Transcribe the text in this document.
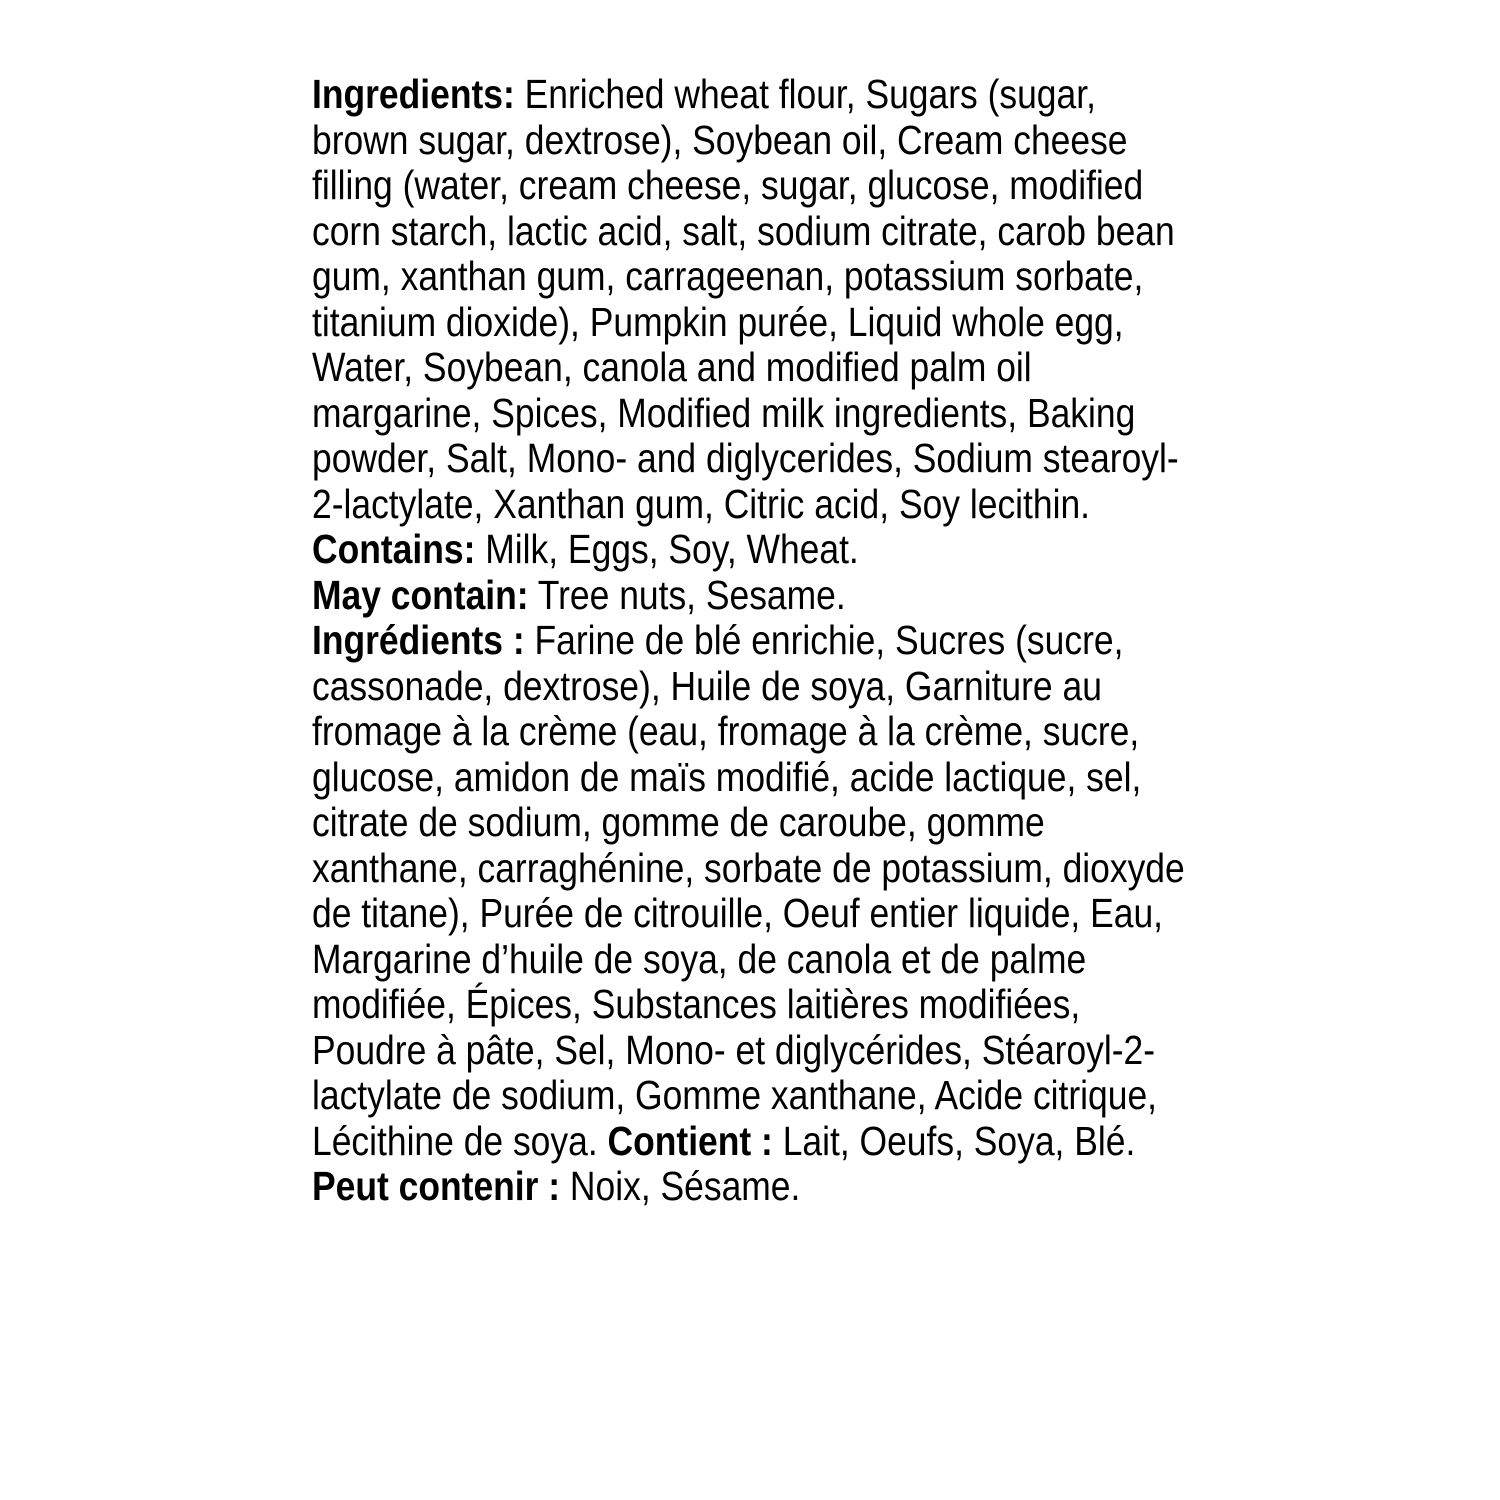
Ingredients: Enriched wheat flour, Sugars (sugar, brown sugar, dextrose), Soybean oil, Cream cheese filling (water, cream cheese, sugar, glucose, modified corn starch, lactic acid, salt, sodium citrate, carob bean gum, xanthan gum, carrageenan, potassium sorbate, titanium dioxide), Pumpkin purée, Liquid whole egg, Water, Soybean, canola and modified palm oil margarine, Spices, Modified milk ingredients, Baking powder, Salt, Mono- and diglycerides, Sodium stearoyl-2-lactylate, Xanthan gum, Citric acid, Soy lecithin.

Contains: Milk, Eggs, Soy, Wheat.

May contain: Tree nuts, Sesame.

Ingrédients : Farine de blé enrichie, Sucres (sucre, cassonade, dextrose), Huile de soya, Garniture au fromage à la crème (eau, fromage à la crème, sucre, glucose, amidon de maïs modifié, acide lactique, sel, citrate de sodium, gomme de caroube, gomme xanthane, carraghénine, sorbate de potassium, dioxyde de titane), Purée de citrouille, Oeuf entier liquide, Eau, Margarine d’huile de soya, de canola et de palme modifiée, Épices, Substances laitières modifiées, Poudre à pâte, Sel, Mono- et diglycérides, Stéaroyl-2-lactylate de sodium, Gomme xanthane, Acide citrique, Lécithine de soya. Contient : Lait, Oeufs, Soya, Blé.

Peut contenir : Noix, Sésame.
